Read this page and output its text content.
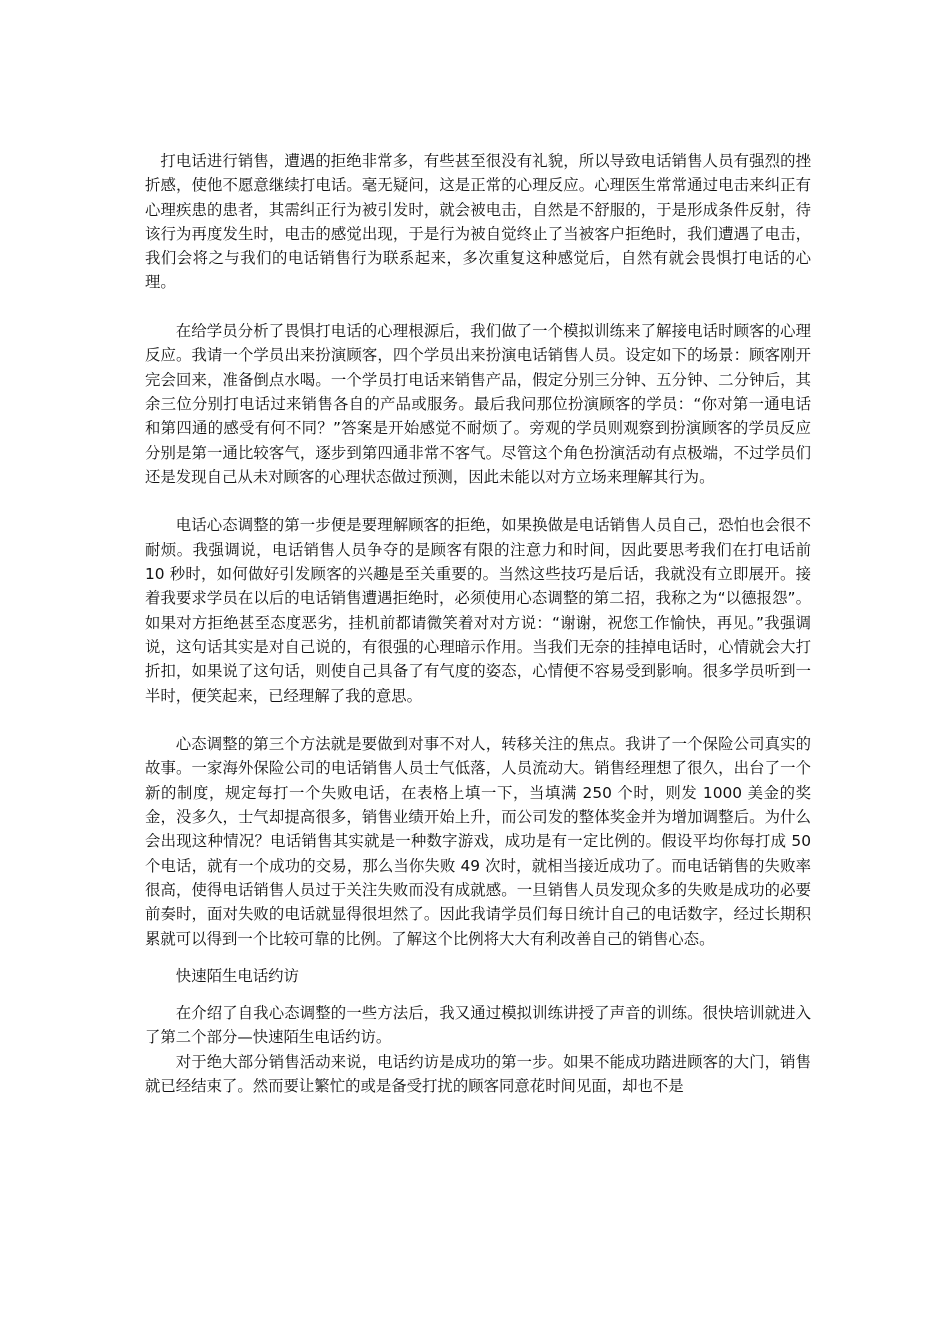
打电话进行销售，遭遇的拒绝非常多，有些甚至很没有礼貌，所以导致电话销售人员有强烈的挫折感，使他不愿意继续打电话。毫无疑问，这是正常的心理反应。心理医生常常通过电击来纠正有心理疾患的患者，其需纠正行为被引发时，就会被电击，自然是不舒服的，于是形成条件反射，待该行为再度发生时，电击的感觉出现，于是行为被自觉终止了当被客户拒绝时，我们遭遇了电击，我们会将之与我们的电话销售行为联系起来，多次重复这种感觉后，自然有就会畏惧打电话的心理。

在给学员分析了畏惧打电话的心理根源后，我们做了一个模拟训练来了解接电话时顾客的心理反应。我请一个学员出来扮演顾客，四个学员出来扮演电话销售人员。设定如下的场景：顾客刚开完会回来，准备倒点水喝。一个学员打电话来销售产品，假定分别三分钟、五分钟、二分钟后，其余三位分别打电话过来销售各自的产品或服务。最后我问那位扮演顾客的学员：“你对第一通电话和第四通的感受有何不同？”答案是开始感觉不耐烦了。旁观的学员则观察到扮演顾客的学员反应分别是第一通比较客气，逐步到第四通非常不客气。尽管这个角色扮演活动有点极端，不过学员们还是发现自己从未对顾客的心理状态做过预测，因此未能以对方立场来理解其行为。

电话心态调整的第一步便是要理解顾客的拒绝，如果换做是电话销售人员自己，恐怕也会很不耐烦。我强调说，电话销售人员争夺的是顾客有限的注意力和时间，因此要思考我们在打电话前 10 秒时，如何做好引发顾客的兴趣是至关重要的。当然这些技巧是后话，我就没有立即展开。接着我要求学员在以后的电话销售遭遇拒绝时，必须使用心态调整的第二招，我称之为“以德报怨”。如果对方拒绝甚至态度恶劣，挂机前都请微笑着对对方说：“谢谢，祝您工作愉快，再见。”我强调说，这句话其实是对自己说的，有很强的心理暗示作用。当我们无奈的挂掉电话时，心情就会大打折扣，如果说了这句话，则使自己具备了有气度的姿态，心情便不容易受到影响。很多学员听到一半时，便笑起来，已经理解了我的意思。

心态调整的第三个方法就是要做到对事不对人，转移关注的焦点。我讲了一个保险公司真实的故事。一家海外保险公司的电话销售人员士气低落，人员流动大。销售经理想了很久，出台了一个新的制度，规定每打一个失败电话，在表格上填一下，当填满 250 个时，则发 1000 美金的奖金，没多久，士气却提高很多，销售业绩开始上升，而公司发的整体奖金并为增加调整后。为什么会出现这种情况？电话销售其实就是一种数字游戏，成功是有一定比例的。假设平均你每打成 50 个电话，就有一个成功的交易，那么当你失败 49 次时，就相当接近成功了。而电话销售的失败率很高，使得电话销售人员过于关注失败而没有成就感。一旦销售人员发现众多的失败是成功的必要前奏时，面对失败的电话就显得很坦然了。因此我请学员们每日统计自己的电话数字，经过长期积累就可以得到一个比较可靠的比例。了解这个比例将大大有利改善自己的销售心态。

快速陌生电话约访

在介绍了自我心态调整的一些方法后，我又通过模拟训练讲授了声音的训练。很快培训就进入了第二个部分—快速陌生电话约访。

对于绝大部分销售活动来说，电话约访是成功的第一步。如果不能成功踏进顾客的大门，销售就已经结束了。然而要让繁忙的或是备受打扰的顾客同意花时间见面，却也不是
